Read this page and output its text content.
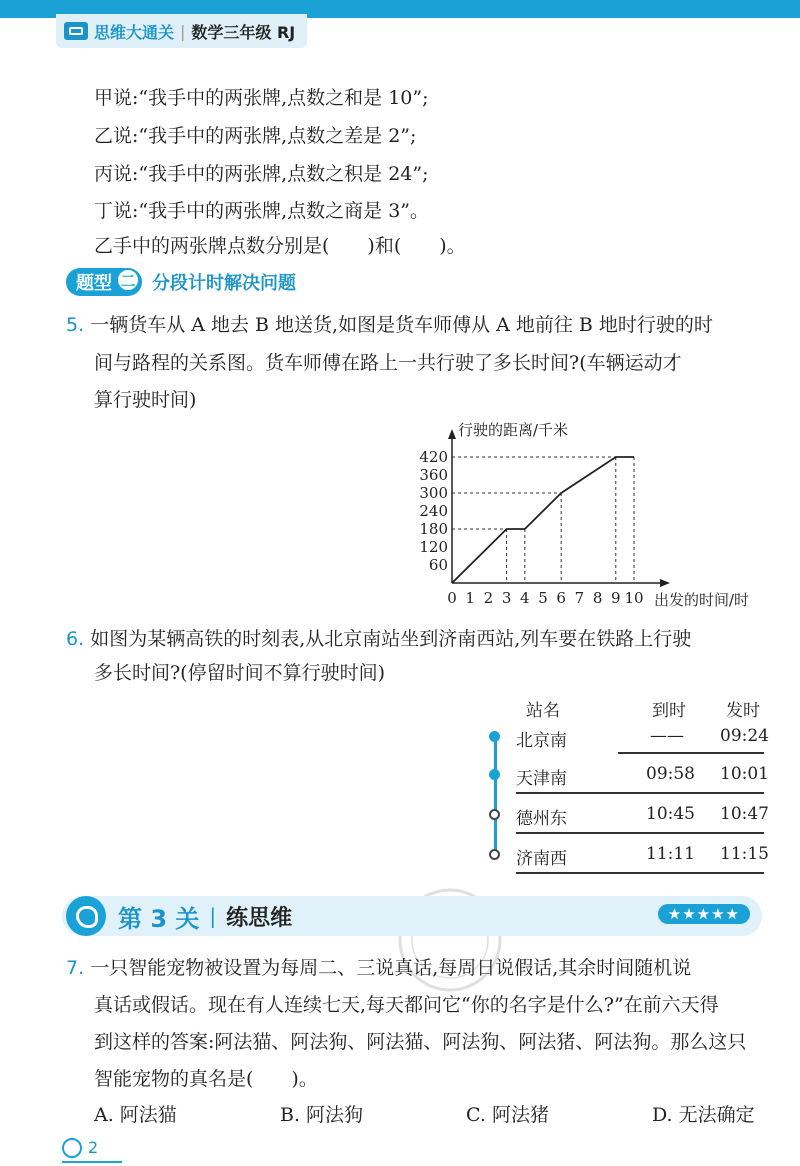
思维大通关 | 数学三年级 RJ
甲说:“我手中的两张牌,点数之和是 10”;
乙说:“我手中的两张牌,点数之差是 2”;
丙说:“我手中的两张牌,点数之积是 24”;
丁说:“我手中的两张牌,点数之商是 3”。
乙手中的两张牌点数分别是(　　)和(　　)。
题型 二 分段计时解决问题
5. 一辆货车从 A 地去 B 地送货,如图是货车师傅从 A 地前往 B 地时行驶的时
间与路程的关系图。货车师傅在路上一共行驶了多长时间?(车辆运动才
算行驶时间)
0 1 2 3 4 5 6 7 8 9 10
60
120
180
240
300
360
420
行驶的距离/千米
出发的时间/时
6. 如图为某辆高铁的时刻表,从北京南站坐到济南西站,列车要在铁路上行驶
多长时间?(停留时间不算行驶时间)
站名	到时 发时
北京南	—— 09:24
天津南	09:58 10:01
德州东	10:45 10:47
济南西	11:11 11:15
第 3 关 | 练思维	★★★★★
7. 一只智能宠物被设置为每周二、三说真话,每周日说假话,其余时间随机说
真话或假话。现在有人连续七天,每天都问它“你的名字是什么?”在前六天得
到这样的答案:阿法猫、阿法狗、阿法猫、阿法狗、阿法猪、阿法狗。那么这只
智能宠物的真名是(　　)。
A. 阿法猫	B. 阿法狗	C. 阿法猪	D. 无法确定
2
